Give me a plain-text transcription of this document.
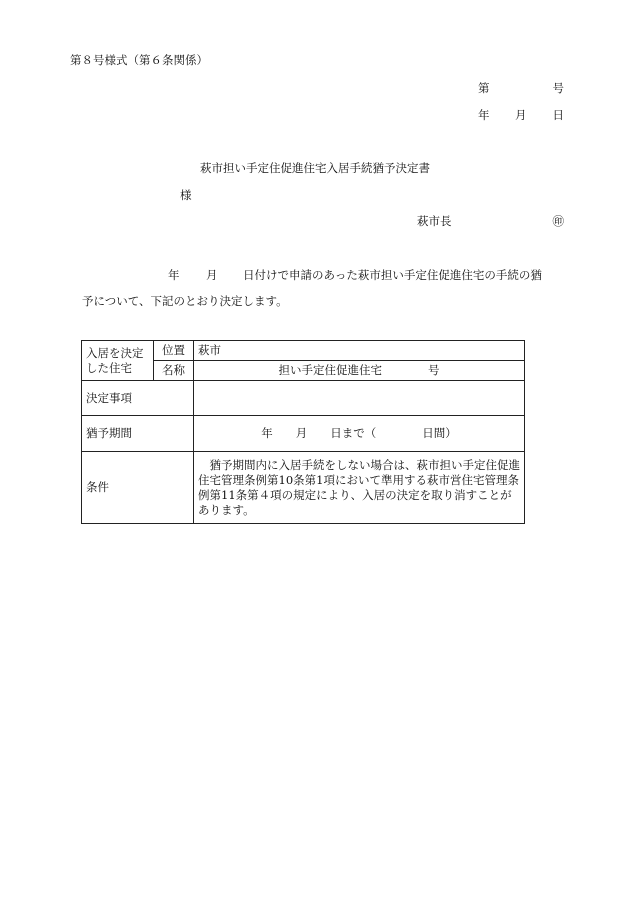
第８号様式（第６条関係）
第	号
年 月 日
萩市担い手定住促進住宅入居手続猶予決定書
様
萩市長	㊞
年 月 日付けで申請のあった萩市担い手定住促進住宅の手続の猶
予について、下記のとおり決定します。
入居を決定した住宅	位置	萩市
	名称	担い手定住促進住宅　　　　号
決定事項		
猶予期間		年　　月　　日まで（　　　　日間）
条件		猶予期間内に入居手続をしない場合は、萩市担い手定住促進住宅管理条例第10条第1項において準用する萩市営住宅管理条例第11条第４項の規定により、入居の決定を取り消すことがあります。
